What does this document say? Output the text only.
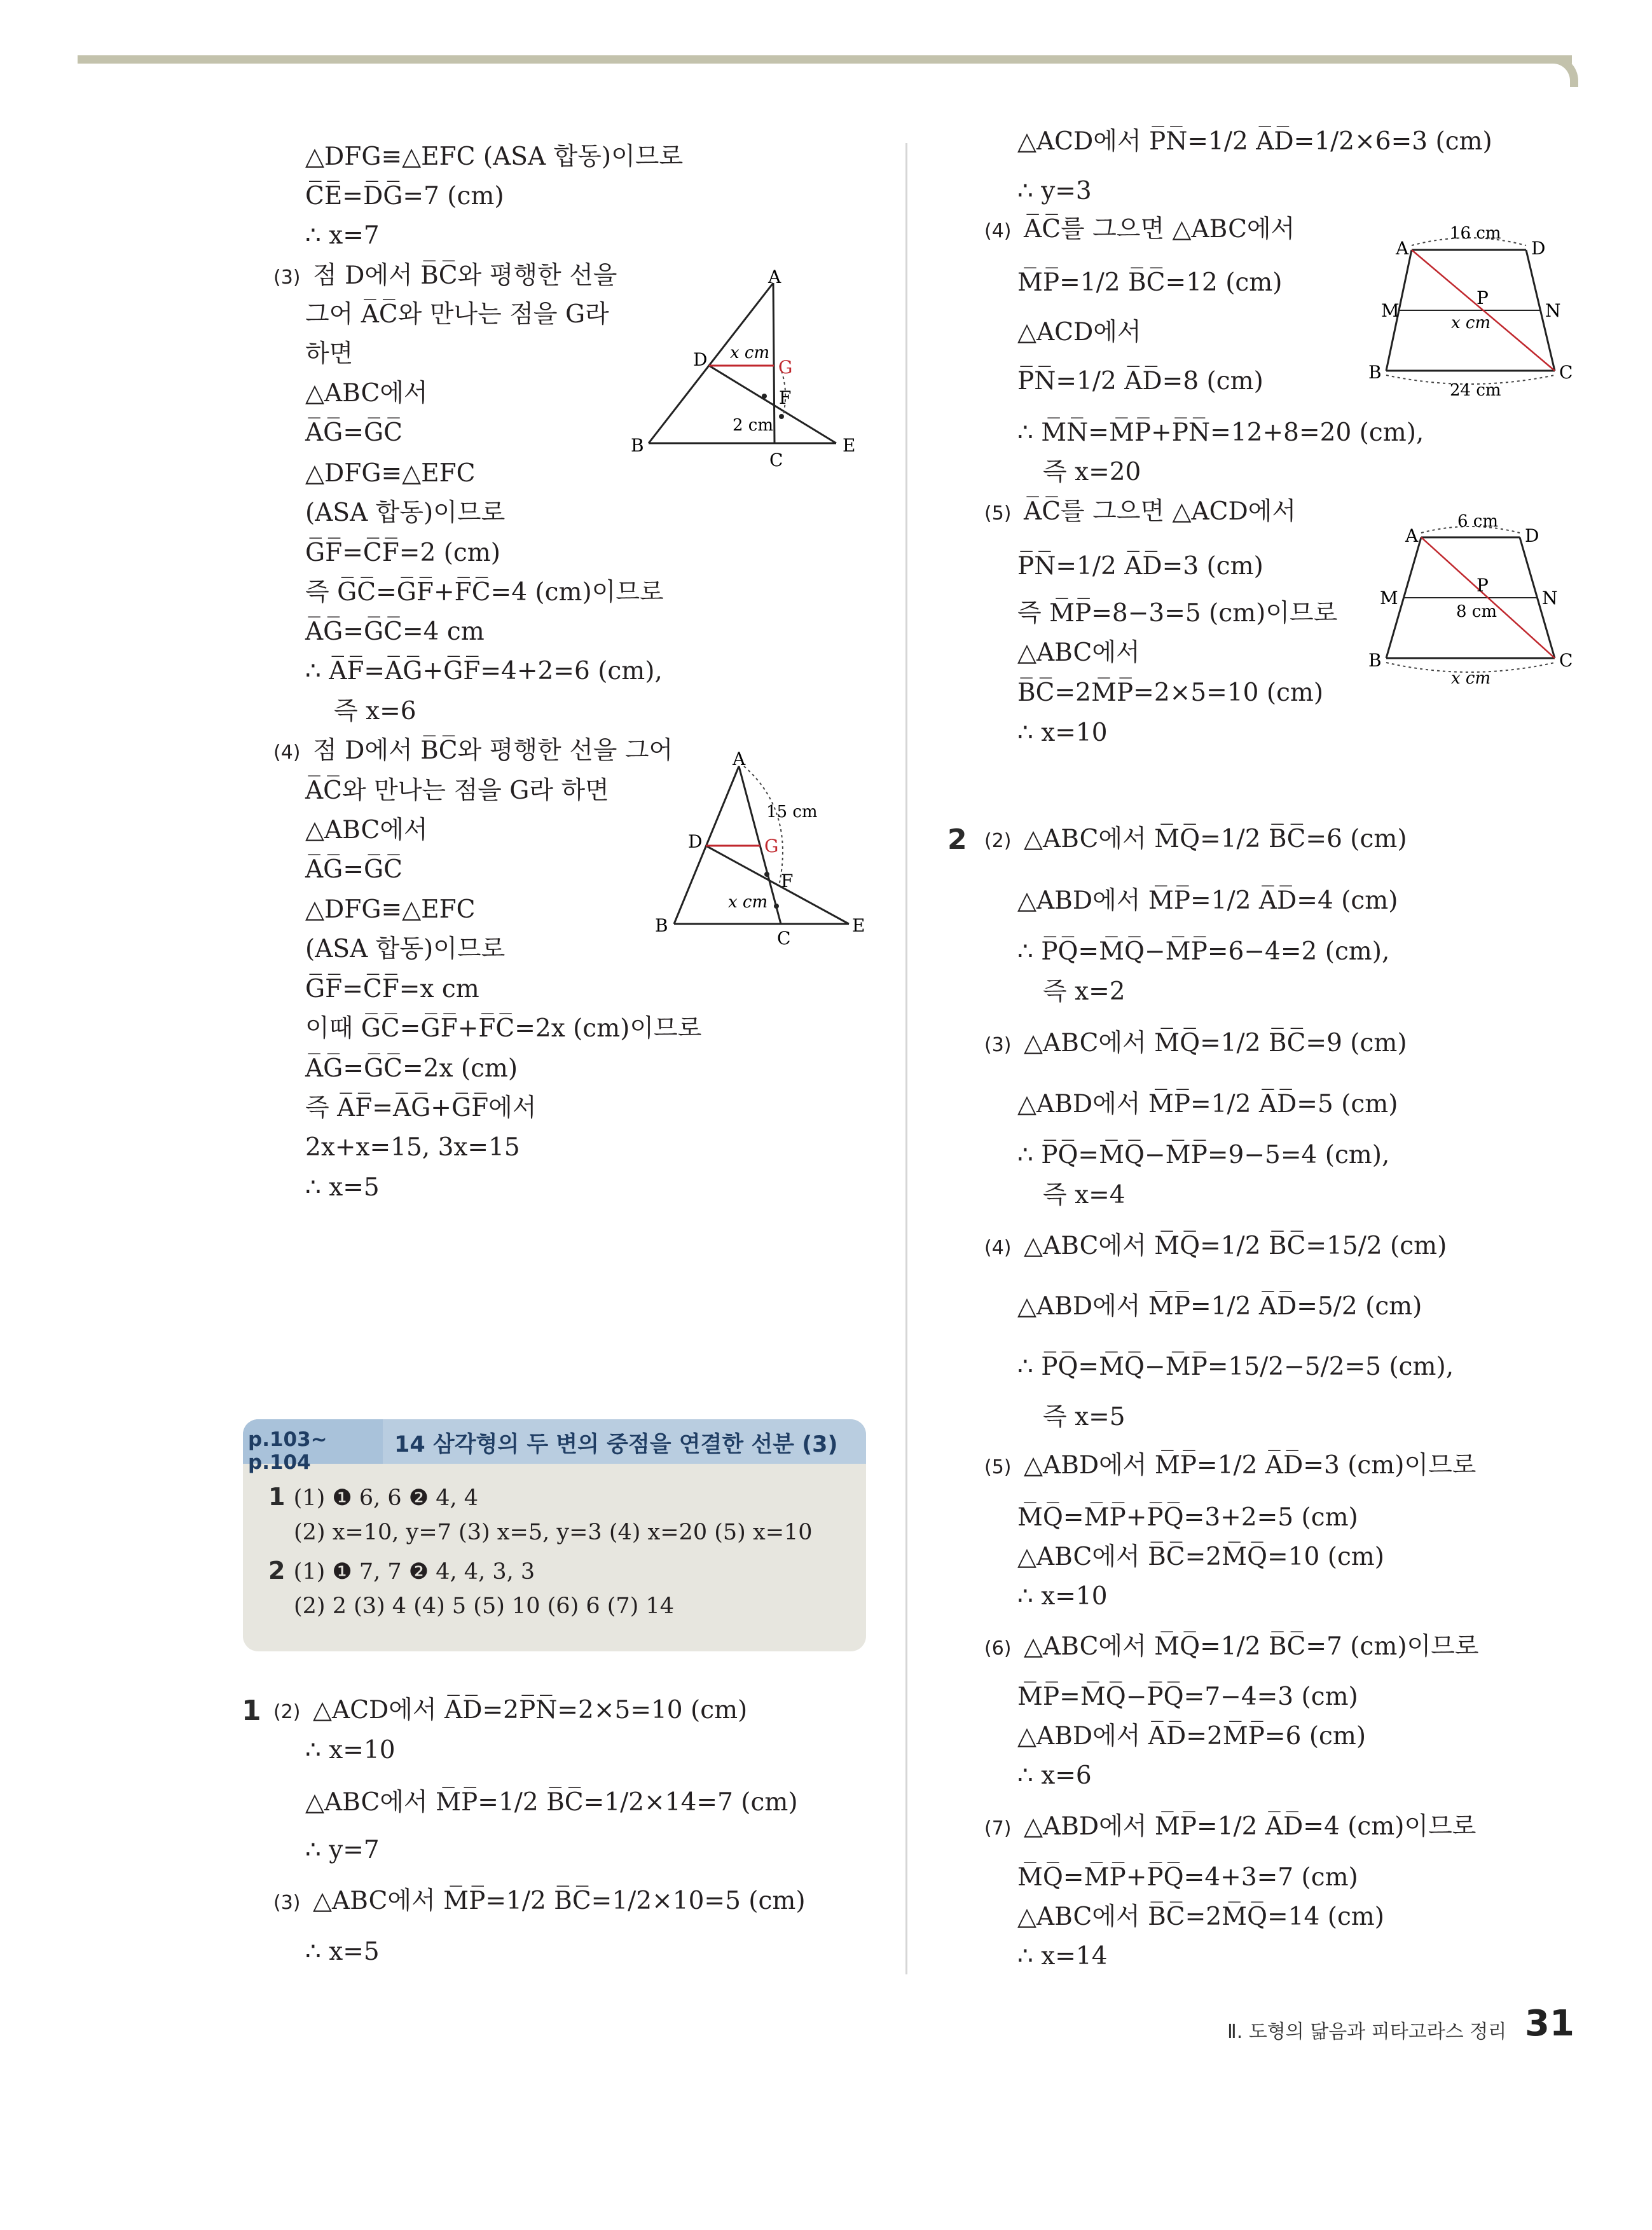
△DFG≡△EFC (ASA 합동)이므로
C̅E̅=D̅G̅=7 (cm)
∴ x=7
(3) 점 D에서 B̅C̅와 평행한 선을
그어 A̅C̅와 만나는 점을 G라
하면
△ABC에서
A̅G̅=G̅C̅
△DFG≡△EFC
(ASA 합동)이므로
G̅F̅=C̅F̅=2 (cm)
즉 G̅C̅=G̅F̅+F̅C̅=4 (cm)이므로
A̅G̅=G̅C̅=4 cm
∴ A̅F̅=A̅G̅+G̅F̅=4+2=6 (cm),
즉 x=6
(4) 점 D에서 B̅C̅와 평행한 선을 그어
A̅C̅와 만나는 점을 G라 하면
△ABC에서
A̅G̅=G̅C̅
△DFG≡△EFC
(ASA 합동)이므로
G̅F̅=C̅F̅=x cm
이때 G̅C̅=G̅F̅+F̅C̅=2x (cm)이므로
A̅G̅=G̅C̅=2x (cm)
즉 A̅F̅=A̅G̅+G̅F̅에서
2x+x=15, 3x=15
∴ x=5
△ACD에서 P̅N̅=1/2 A̅D̅=1/2×6=3 (cm)
∴ y=3
(4) A̅C̅를 그으면 △ABC에서
M̅P̅=1/2 B̅C̅=12 (cm)
△ACD에서
P̅N̅=1/2 A̅D̅=8 (cm)
∴ M̅N̅=M̅P̅+P̅N̅=12+8=20 (cm),
즉 x=20
(5) A̅C̅를 그으면 △ACD에서
P̅N̅=1/2 A̅D̅=3 (cm)
즉 M̅P̅=8−3=5 (cm)이므로
△ABC에서
B̅C̅=2M̅P̅=2×5=10 (cm)
∴ x=10
(2) △ABC에서 M̅Q̅=1/2 B̅C̅=6 (cm)
△ABD에서 M̅P̅=1/2 A̅D̅=4 (cm)
∴ P̅Q̅=M̅Q̅−M̅P̅=6−4=2 (cm),
즉 x=2
(3) △ABC에서 M̅Q̅=1/2 B̅C̅=9 (cm)
△ABD에서 M̅P̅=1/2 A̅D̅=5 (cm)
∴ P̅Q̅=M̅Q̅−M̅P̅=9−5=4 (cm),
즉 x=4
(4) △ABC에서 M̅Q̅=1/2 B̅C̅=15/2 (cm)
△ABD에서 M̅P̅=1/2 A̅D̅=5/2 (cm)
∴ P̅Q̅=M̅Q̅−M̅P̅=15/2−5/2=5 (cm),
즉 x=5
(5) △ABD에서 M̅P̅=1/2 A̅D̅=3 (cm)이므로
M̅Q̅=M̅P̅+P̅Q̅=3+2=5 (cm)
△ABC에서 B̅C̅=2M̅Q̅=10 (cm)
∴ x=10
(6) △ABC에서 M̅Q̅=1/2 B̅C̅=7 (cm)이므로
M̅P̅=M̅Q̅−P̅Q̅=7−4=3 (cm)
△ABD에서 A̅D̅=2M̅P̅=6 (cm)
∴ x=6
(7) △ABD에서 M̅P̅=1/2 A̅D̅=4 (cm)이므로
M̅Q̅=M̅P̅+P̅Q̅=4+3=7 (cm)
△ABC에서 B̅C̅=2M̅Q̅=14 (cm)
∴ x=14
(2) △ACD에서 A̅D̅=2P̅N̅=2×5=10 (cm)
∴ x=10
△ABC에서 M̅P̅=1/2 B̅C̅=1/2×14=7 (cm)
∴ y=7
(3) △ABC에서 M̅P̅=1/2 B̅C̅=1/2×10=5 (cm)
∴ x=5
2
1
p.103~ p.104
14 삼각형의 두 변의 중점을 연결한 선분 (3)
1 (1) ❶ 6, 6 ❷ 4, 4
(2) x=10, y=7 (3) x=5, y=3 (4) x=20 (5) x=10
2 (1) ❶ 7, 7 ❷ 4, 4, 3, 3
(2) 2 (3) 4 (4) 5 (5) 10 (6) 6 (7) 14
A
B
C
D
E
F
G
x cm
2 cm
A
B
C
D
E
F
G
15 cm
x cm
A	D
B	C
M	N
P
16 cm
x cm
24 cm
A	D
B	C
M	N
P
6 cm
8 cm
x cm
Ⅱ. 도형의 닮음과 피타고라스 정리 31
